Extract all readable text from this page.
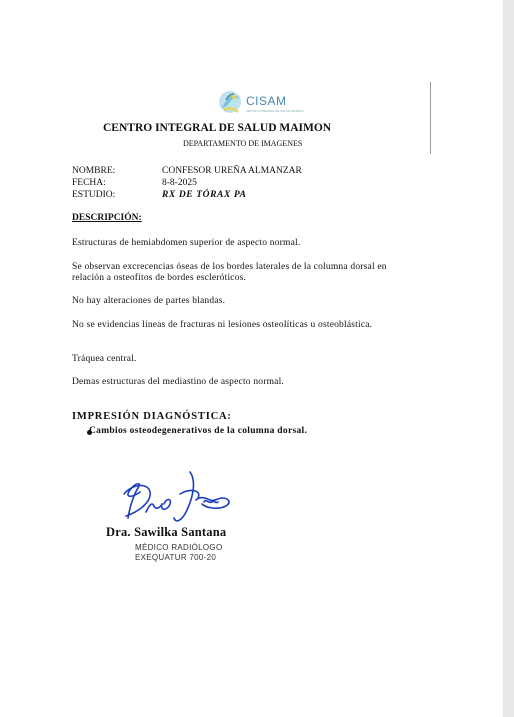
CISAM
CENTRO INTEGRAL DE SALUD MAIMON
CENTRO INTEGRAL DE SALUD MAIMON
DEPARTAMENTO DE IMAGENES
NOMBRE:	CONFESOR UREÑA ALMANZAR
FECHA:	8-8-2025
ESTUDIO:	RX DE TÓRAX PA
DESCRIPCIÓN:
Estructuras de hemiabdomen superior de aspecto normal.
Se observan excrecencias óseas de los bordes laterales de la columna dorsal en relación a osteofitos de bordes escleróticos.
No hay alteraciones de partes blandas.
No se evidencias líneas de fracturas ni lesiones osteolíticas u osteoblástica.
Tráquea central.
Demas estructuras del mediastino de aspecto normal.
IMPRESIÓN DIAGNÓSTICA:
Cambios osteodegenerativos de la columna dorsal.
Dra. Sawilka Santana
MÉDICO RADIÓLOGO
EXEQUATUR 700-20
